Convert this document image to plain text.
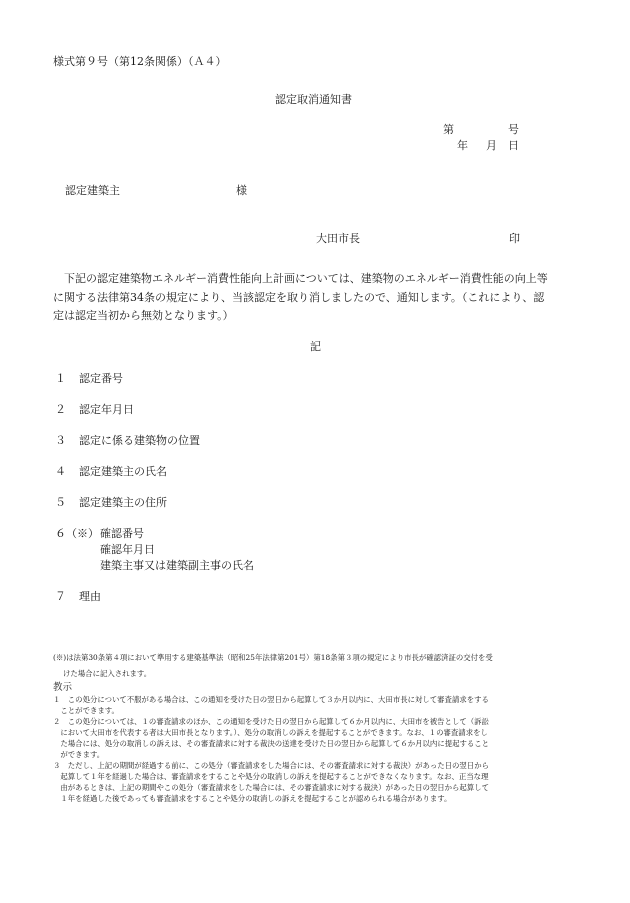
様式第９号（第12条関係）（Ａ４）
認定取消通知書
第	号
年 月 日
認定建築主	様
大田市長	印
　下記の認定建築物エネルギー消費性能向上計画については、建築物のエネルギー消費性能の向上等
に関する法律第34条の規定により、当該認定を取り消しましたので、通知します。（これにより、認
定は認定当初から無効となります。）
記
１ 認定番号
２ 認定年月日
３ 認定に係る建築物の位置
４ 認定建築主の氏名
５ 認定建築主の住所
６（※） 確認番号
確認年月日
建築主事又は建築副主事の氏名
７ 理由
(※)は法第30条第４項において準用する建築基準法（昭和25年法律第201号）第18条第３項の規定により市長が確認済証の交付を受
けた場合に記入されます。
教示
１　この処分について不服がある場合は、この通知を受けた日の翌日から起算して３か月以内に、大田市長に対して審査請求をする
　ことができます。
２　この処分については、１の審査請求のほか、この通知を受けた日の翌日から起算して６か月以内に、大田市を被告として（訴訟
　において大田市を代表する者は大田市長となります。）、処分の取消しの訴えを提起することができます。なお、１の審査請求をし
　た場合には、処分の取消しの訴えは、その審査請求に対する裁決の送達を受けた日の翌日から起算して６か月以内に提起すること
　ができます。
３　ただし、上記の期間が経過する前に、この処分（審査請求をした場合には、その審査請求に対する裁決）があった日の翌日から
　起算して１年を経過した場合は、審査請求をすることや処分の取消しの訴えを提起することができなくなります。なお、正当な理
　由があるときは、上記の期間やこの処分（審査請求をした場合には、その審査請求に対する裁決）があった日の翌日から起算して
　１年を経過した後であっても審査請求をすることや処分の取消しの訴えを提起することが認められる場合があります。
